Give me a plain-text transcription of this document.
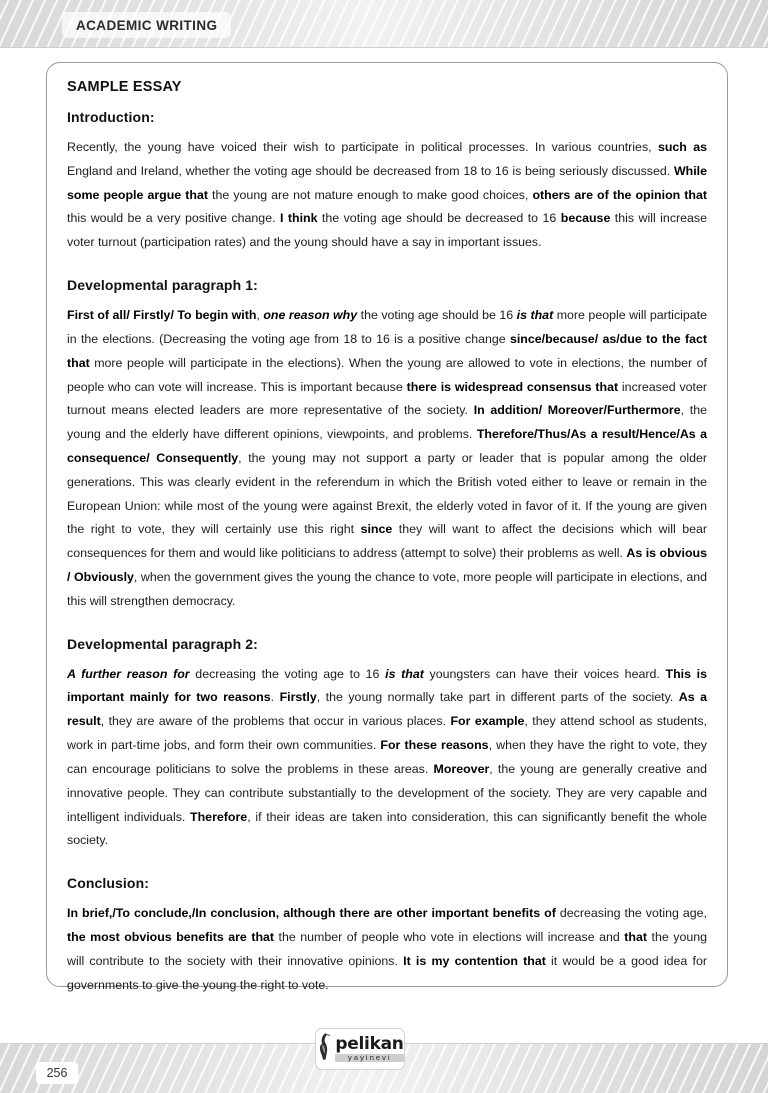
ACADEMIC WRITING
SAMPLE ESSAY
Introduction:
Recently, the young have voiced their wish to participate in political processes. In various countries, such as England and Ireland, whether the voting age should be decreased from 18 to 16 is being seriously discussed. While some people argue that the young are not mature enough to make good choices, others are of the opinion that this would be a very positive change. I think the voting age should be decreased to 16 because this will increase voter turnout (participation rates) and the young should have a say in important issues.
Developmental paragraph 1:
First of all/ Firstly/ To begin with, one reason why the voting age should be 16 is that more people will participate in the elections. (Decreasing the voting age from 18 to 16 is a positive change since/because/ as/due to the fact that more people will participate in the elections). When the young are allowed to vote in elections, the number of people who can vote will increase. This is important because there is widespread consensus that increased voter turnout means elected leaders are more representative of the society. In addition/ Moreover/Furthermore, the young and the elderly have different opinions, viewpoints, and problems. Therefore/Thus/As a result/Hence/As a consequence/ Consequently, the young may not support a party or leader that is popular among the older generations. This was clearly evident in the referendum in which the British voted either to leave or remain in the European Union: while most of the young were against Brexit, the elderly voted in favor of it. If the young are given the right to vote, they will certainly use this right since they will want to affect the decisions which will bear consequences for them and would like politicians to address (attempt to solve) their problems as well. As is obvious / Obviously, when the government gives the young the chance to vote, more people will participate in elections, and this will strengthen democracy.
Developmental paragraph 2:
A further reason for decreasing the voting age to 16 is that youngsters can have their voices heard. This is important mainly for two reasons. Firstly, the young normally take part in different parts of the society. As a result, they are aware of the problems that occur in various places. For example, they attend school as students, work in part-time jobs, and form their own communities. For these reasons, when they have the right to vote, they can encourage politicians to solve the problems in these areas. Moreover, the young are generally creative and innovative people. They can contribute substantially to the development of the society. They are very capable and intelligent individuals. Therefore, if their ideas are taken into consideration, this can significantly benefit the whole society.
Conclusion:
In brief,/To conclude,/In conclusion, although there are other important benefits of decreasing the voting age, the most obvious benefits are that the number of people who vote in elections will increase and that the young will contribute to the society with their innovative opinions. It is my contention that it would be a good idea for governments to give the young the right to vote.
pelikan
yayinevi
256
